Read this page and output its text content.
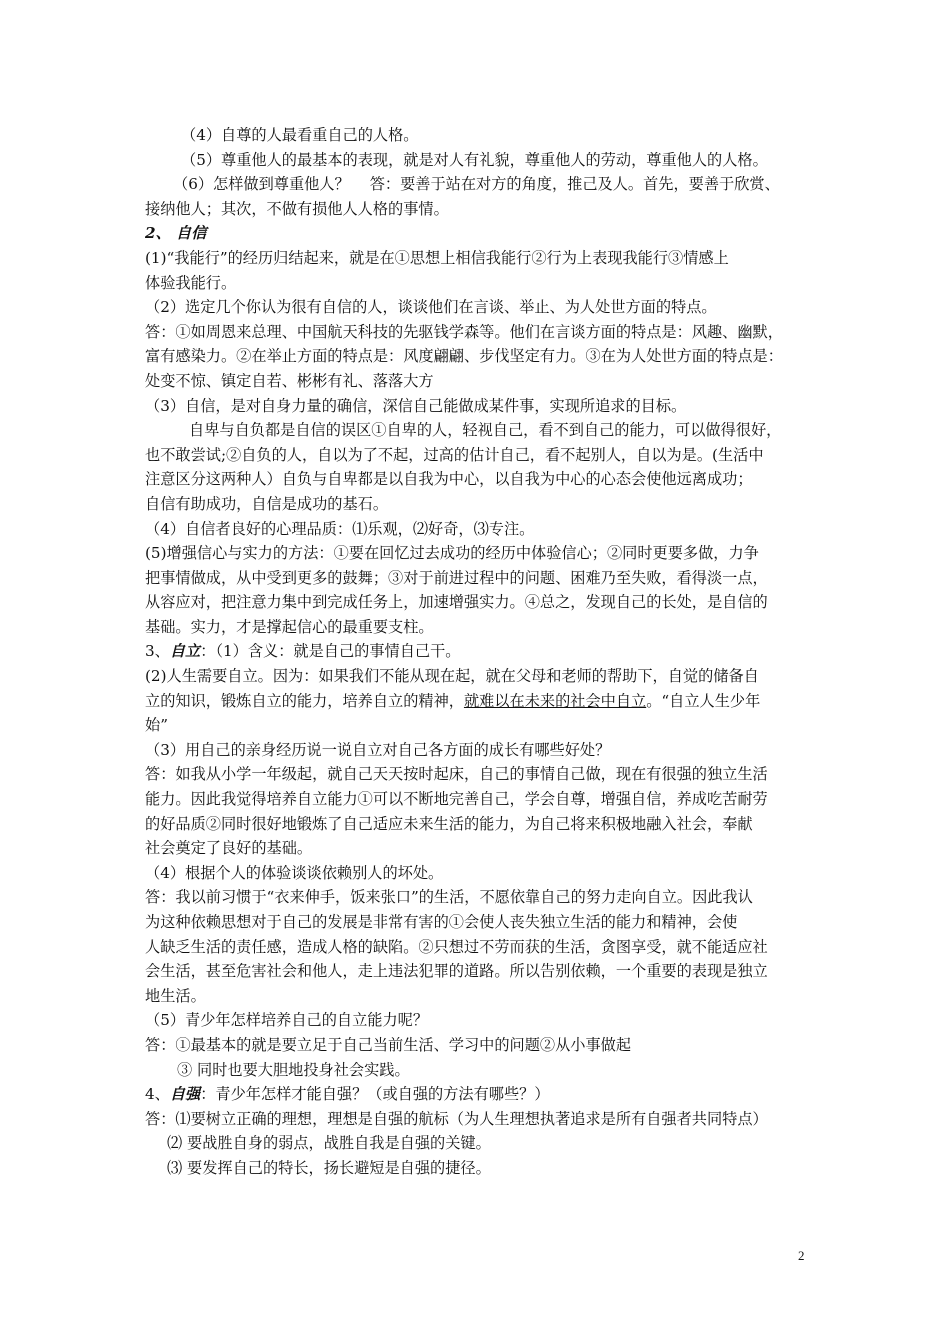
（4）自尊的人最看重自己的人格。
（5）尊重他人的最基本的表现，就是对人有礼貌，尊重他人的劳动，尊重他人的人格。
（6）怎样做到尊重他人？　 答：要善于站在对方的角度，推己及人。首先，要善于欣赏、
接纳他人；其次，不做有损他人人格的事情。
2、 自信
(1)“我能行”的经历归结起来，就是在①思想上相信我能行②行为上表现我能行③情感上
体验我能行。
（2）选定几个你认为很有自信的人，谈谈他们在言谈、举止、为人处世方面的特点。
答：①如周恩来总理、中国航天科技的先驱钱学森等。他们在言谈方面的特点是：风趣、幽默，
富有感染力。②在举止方面的特点是：风度翩翩、步伐坚定有力。③在为人处世方面的特点是：
处变不惊、镇定自若、彬彬有礼、落落大方
（3）自信，是对自身力量的确信，深信自己能做成某件事，实现所追求的目标。
自卑与自负都是自信的误区①自卑的人，轻视自己，看不到自己的能力，可以做得很好，
也不敢尝试;②自负的人，自以为了不起，过高的估计自己，看不起别人，自以为是。(生活中
注意区分这两种人）自负与自卑都是以自我为中心，以自我为中心的心态会使他远离成功；
自信有助成功，自信是成功的基石。
（4）自信者良好的心理品质：⑴乐观，⑵好奇，⑶专注。
(5)增强信心与实力的方法：①要在回忆过去成功的经历中体验信心；②同时更要多做，力争
把事情做成，从中受到更多的鼓舞；③对于前进过程中的问题、困难乃至失败，看得淡一点，
从容应对，把注意力集中到完成任务上，加速增强实力。④总之，发现自己的长处，是自信的
基础。实力，才是撑起信心的最重要支柱。
3、自立：（1）含义：就是自己的事情自己干。
(2)人生需要自立。因为：如果我们不能从现在起，就在父母和老师的帮助下，自觉的储备自
立的知识，锻炼自立的能力，培养自立的精神，就难以在未来的社会中自立。“自立人生少年
始”
（3）用自己的亲身经历说一说自立对自己各方面的成长有哪些好处？
答：如我从小学一年级起，就自己天天按时起床，自己的事情自己做，现在有很强的独立生活
能力。因此我觉得培养自立能力①可以不断地完善自己，学会自尊，增强自信，养成吃苦耐劳
的好品质②同时很好地锻炼了自己适应未来生活的能力，为自己将来积极地融入社会，奉献
社会奠定了良好的基础。
（4）根据个人的体验谈谈依赖别人的坏处。
答：我以前习惯于“衣来伸手，饭来张口”的生活，不愿依靠自己的努力走向自立。因此我认
为这种依赖思想对于自己的发展是非常有害的①会使人丧失独立生活的能力和精神，会使
人缺乏生活的责任感，造成人格的缺陷。②只想过不劳而获的生活，贪图享受，就不能适应社
会生活，甚至危害社会和他人，走上违法犯罪的道路。所以告别依赖，一个重要的表现是独立
地生活。
（5）青少年怎样培养自己的自立能力呢？
答：①最基本的就是要立足于自己当前生活、学习中的问题②从小事做起
③ 同时也要大胆地投身社会实践。
4、自强：青少年怎样才能自强？（或自强的方法有哪些？）
答：⑴要树立正确的理想，理想是自强的航标（为人生理想执著追求是所有自强者共同特点）
⑵ 要战胜自身的弱点，战胜自我是自强的关键。
⑶ 要发挥自己的特长，扬长避短是自强的捷径。
2
